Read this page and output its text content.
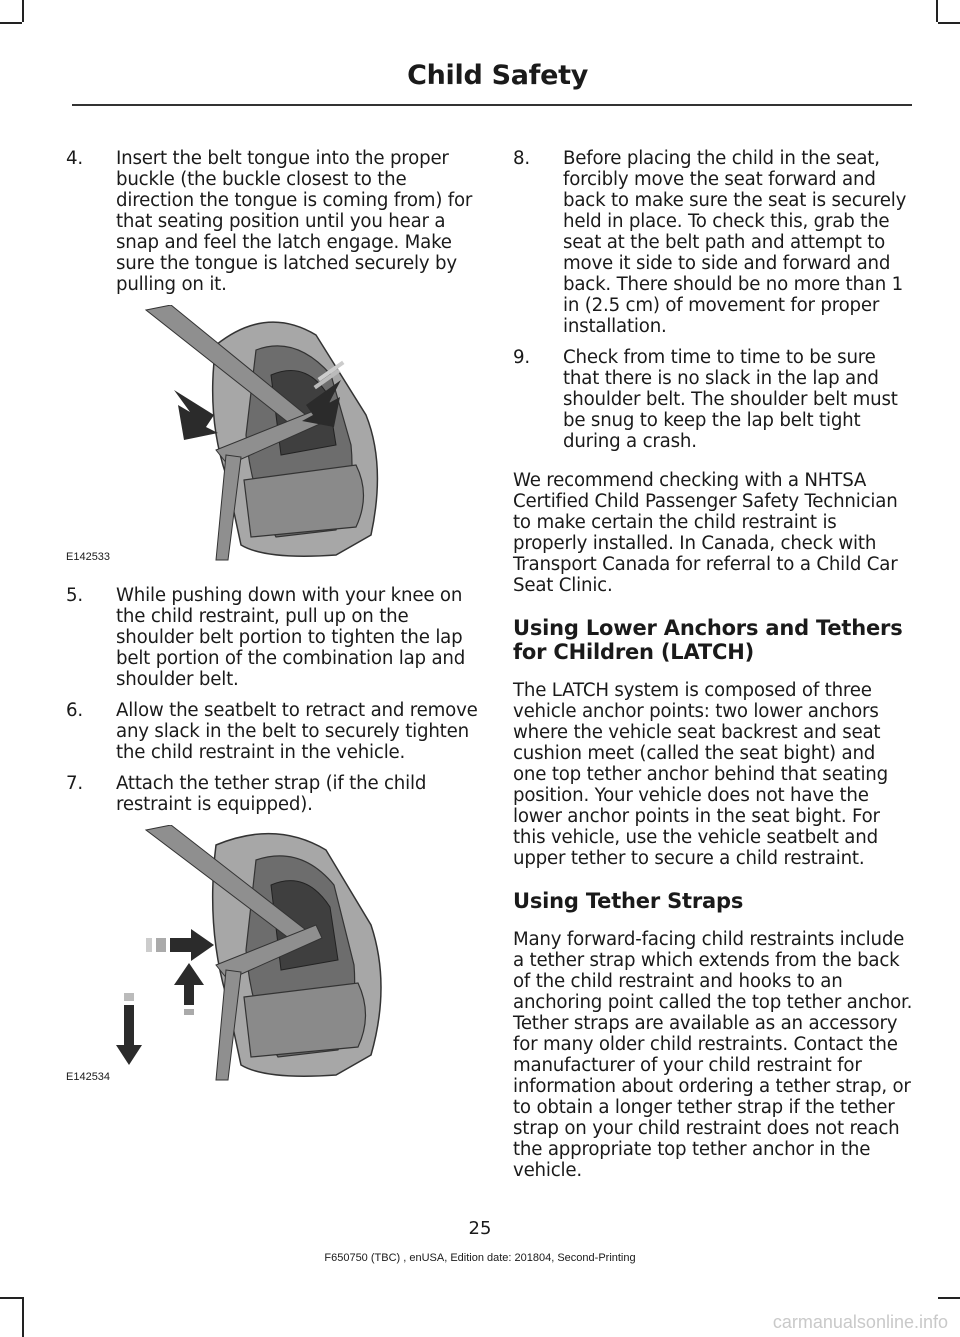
Child Safety
4.	Insert the belt tongue into the proper buckle (the buckle closest to the direction the tongue is coming from) for that seating position until you hear a snap and feel the latch engage. Make sure the tongue is latched securely by pulling on it.
E142533
5.	While pushing down with your knee on the child restraint, pull up on the shoulder belt portion to tighten the lap belt portion of the combination lap and shoulder belt.
6.	Allow the seatbelt to retract and remove any slack in the belt to securely tighten the child restraint in the vehicle.
7.	Attach the tether strap (if the child restraint is equipped).
E142534
8.	Before placing the child in the seat, forcibly move the seat forward and back to make sure the seat is securely held in place. To check this, grab the seat at the belt path and attempt to move it side to side and forward and back. There should be no more than 1 in (2.5 cm) of movement for proper installation.
9.	Check from time to time to be sure that there is no slack in the lap and shoulder belt. The shoulder belt must be snug to keep the lap belt tight during a crash.

We recommend checking with a NHTSA Certified Child Passenger Safety Technician to make certain the child restraint is properly installed. In Canada, check with Transport Canada for referral to a Child Car Seat Clinic.

Using Lower Anchors and Tethers for CHildren (LATCH)

The LATCH system is composed of three vehicle anchor points: two lower anchors where the vehicle seat backrest and seat cushion meet (called the seat bight) and one top tether anchor behind that seating position. Your vehicle does not have the lower anchor points in the seat bight. For this vehicle, use the vehicle seatbelt and upper tether to secure a child restraint.

Using Tether Straps

Many forward-facing child restraints include a tether strap which extends from the back of the child restraint and hooks to an anchoring point called the top tether anchor. Tether straps are available as an accessory for many older child restraints. Contact the manufacturer of your child restraint for information about ordering a tether strap, or to obtain a longer tether strap if the tether strap on your child restraint does not reach the appropriate top tether anchor in the vehicle.

25
F650750 (TBC) , enUSA, Edition date: 201804, Second-Printing
carmanualsonline.info
